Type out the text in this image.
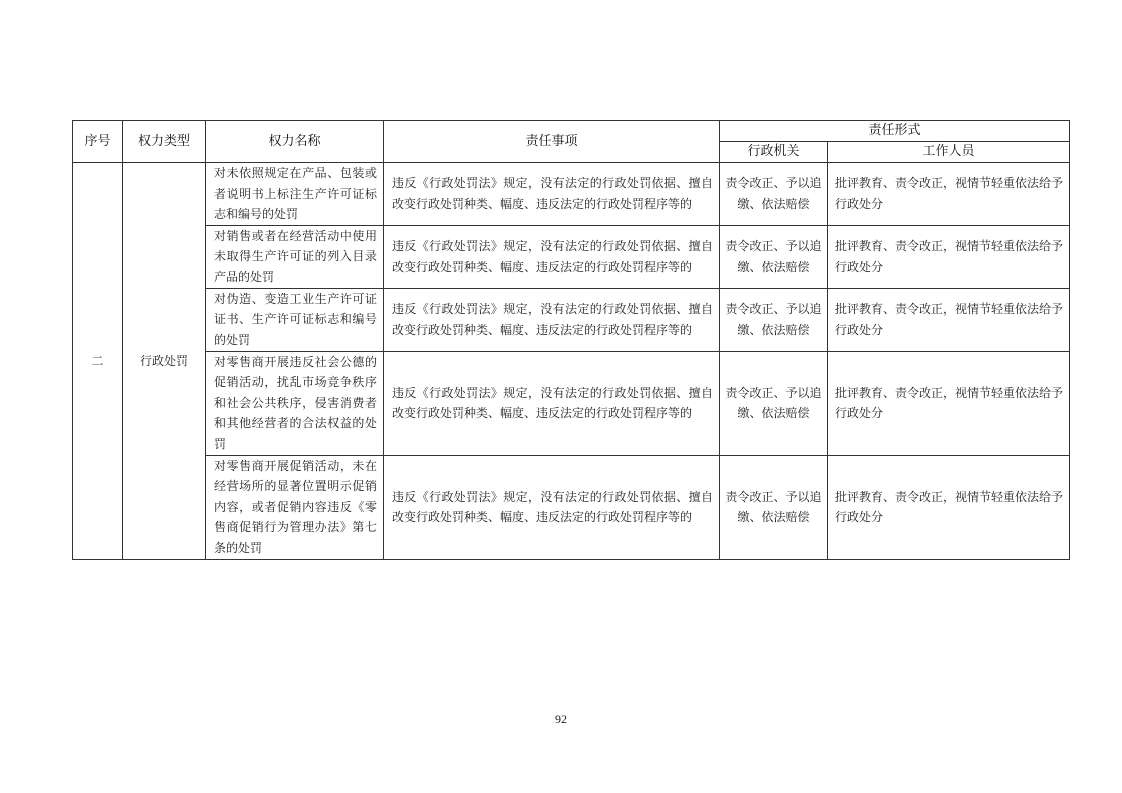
序号	权力类型	权力名称	责任事项	责任形式	
				行政机关	工作人员
二	行政处罚	对未依照规定在产品、包装或者说明书上标注生产许可证标志和编号的处罚	违反《行政处罚法》规定，没有法定的行政处罚依据、擅自改变行政处罚种类、幅度、违反法定的行政处罚程序等的	责令改正、予以追缴、依法赔偿	批评教育、责令改正，视情节轻重依法给予行政处分
		对销售或者在经营活动中使用未取得生产许可证的列入目录产品的处罚	违反《行政处罚法》规定，没有法定的行政处罚依据、擅自改变行政处罚种类、幅度、违反法定的行政处罚程序等的	责令改正、予以追缴、依法赔偿	批评教育、责令改正，视情节轻重依法给予行政处分
		对伪造、变造工业生产许可证证书、生产许可证标志和编号的处罚	违反《行政处罚法》规定，没有法定的行政处罚依据、擅自改变行政处罚种类、幅度、违反法定的行政处罚程序等的	责令改正、予以追缴、依法赔偿	批评教育、责令改正，视情节轻重依法给予行政处分
		对零售商开展违反社会公德的促销活动，扰乱市场竞争秩序和社会公共秩序，侵害消费者和其他经营者的合法权益的处罚	违反《行政处罚法》规定，没有法定的行政处罚依据、擅自改变行政处罚种类、幅度、违反法定的行政处罚程序等的	责令改正、予以追缴、依法赔偿	批评教育、责令改正，视情节轻重依法给予行政处分
		对零售商开展促销活动，未在经营场所的显著位置明示促销内容，或者促销内容违反《零售商促销行为管理办法》第七条的处罚	违反《行政处罚法》规定，没有法定的行政处罚依据、擅自改变行政处罚种类、幅度、违反法定的行政处罚程序等的	责令改正、予以追缴、依法赔偿	批评教育、责令改正，视情节轻重依法给予行政处分
92
